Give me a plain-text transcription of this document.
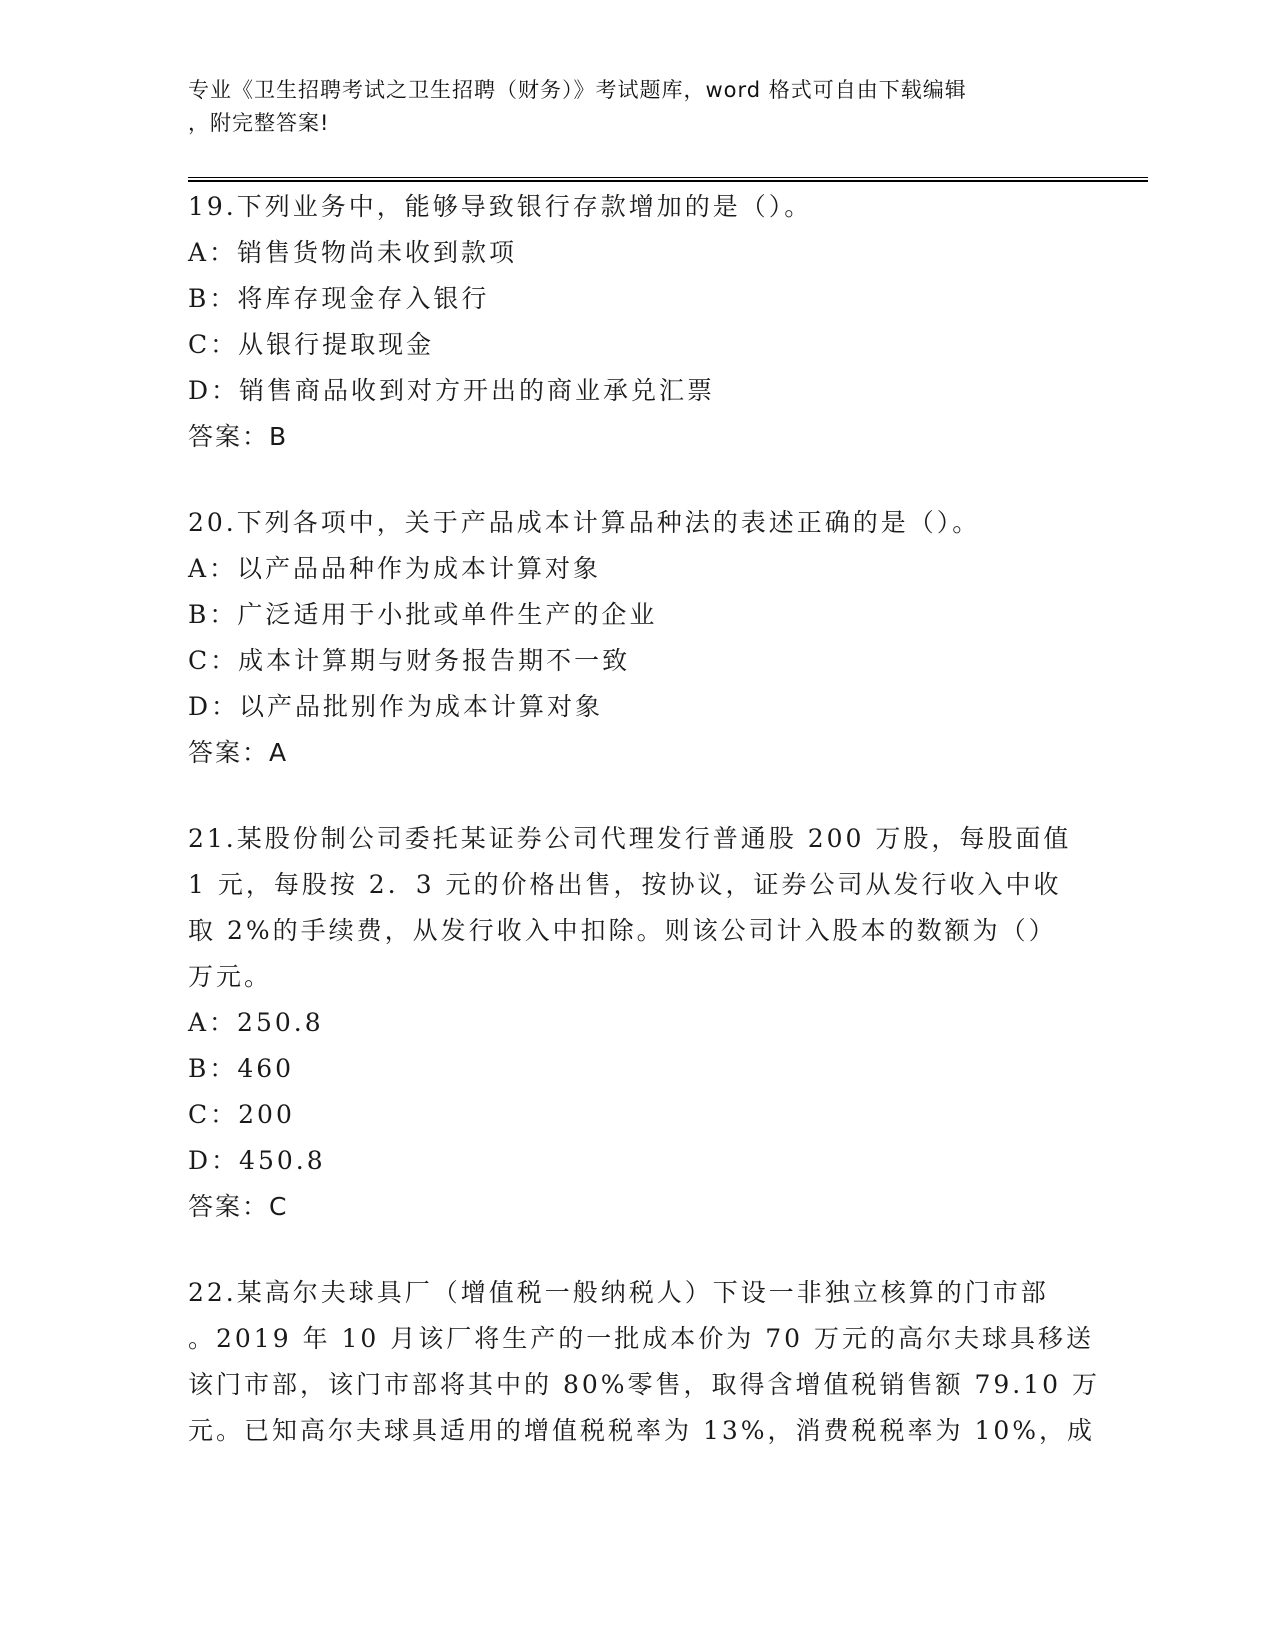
专业《卫生招聘考试之卫生招聘（财务）》考试题库，word 格式可自由下载编辑
，附完整答案!

19.下列业务中，能够导致银行存款增加的是（）。

A：销售货物尚未收到款项

B：将库存现金存入银行

C：从银行提取现金

D：销售商品收到对方开出的商业承兑汇票

答案：B

20.下列各项中，关于产品成本计算品种法的表述正确的是（）。

A：以产品品种作为成本计算对象

B：广泛适用于小批或单件生产的企业

C：成本计算期与财务报告期不一致

D：以产品批别作为成本计算对象

答案：A

21.某股份制公司委托某证券公司代理发行普通股 200 万股，每股面值

1 元，每股按 2．3 元的价格出售，按协议，证券公司从发行收入中收

取 2%的手续费，从发行收入中扣除。则该公司计入股本的数额为（）

万元。

A：250.8

B：460

C：200

D：450.8

答案：C

22.某高尔夫球具厂（增值税一般纳税人）下设一非独立核算的门市部

。2019 年 10 月该厂将生产的一批成本价为 70 万元的高尔夫球具移送

该门市部，该门市部将其中的 80%零售，取得含增值税销售额 79.10 万

元。已知高尔夫球具适用的增值税税率为 13%，消费税税率为 10%，成
